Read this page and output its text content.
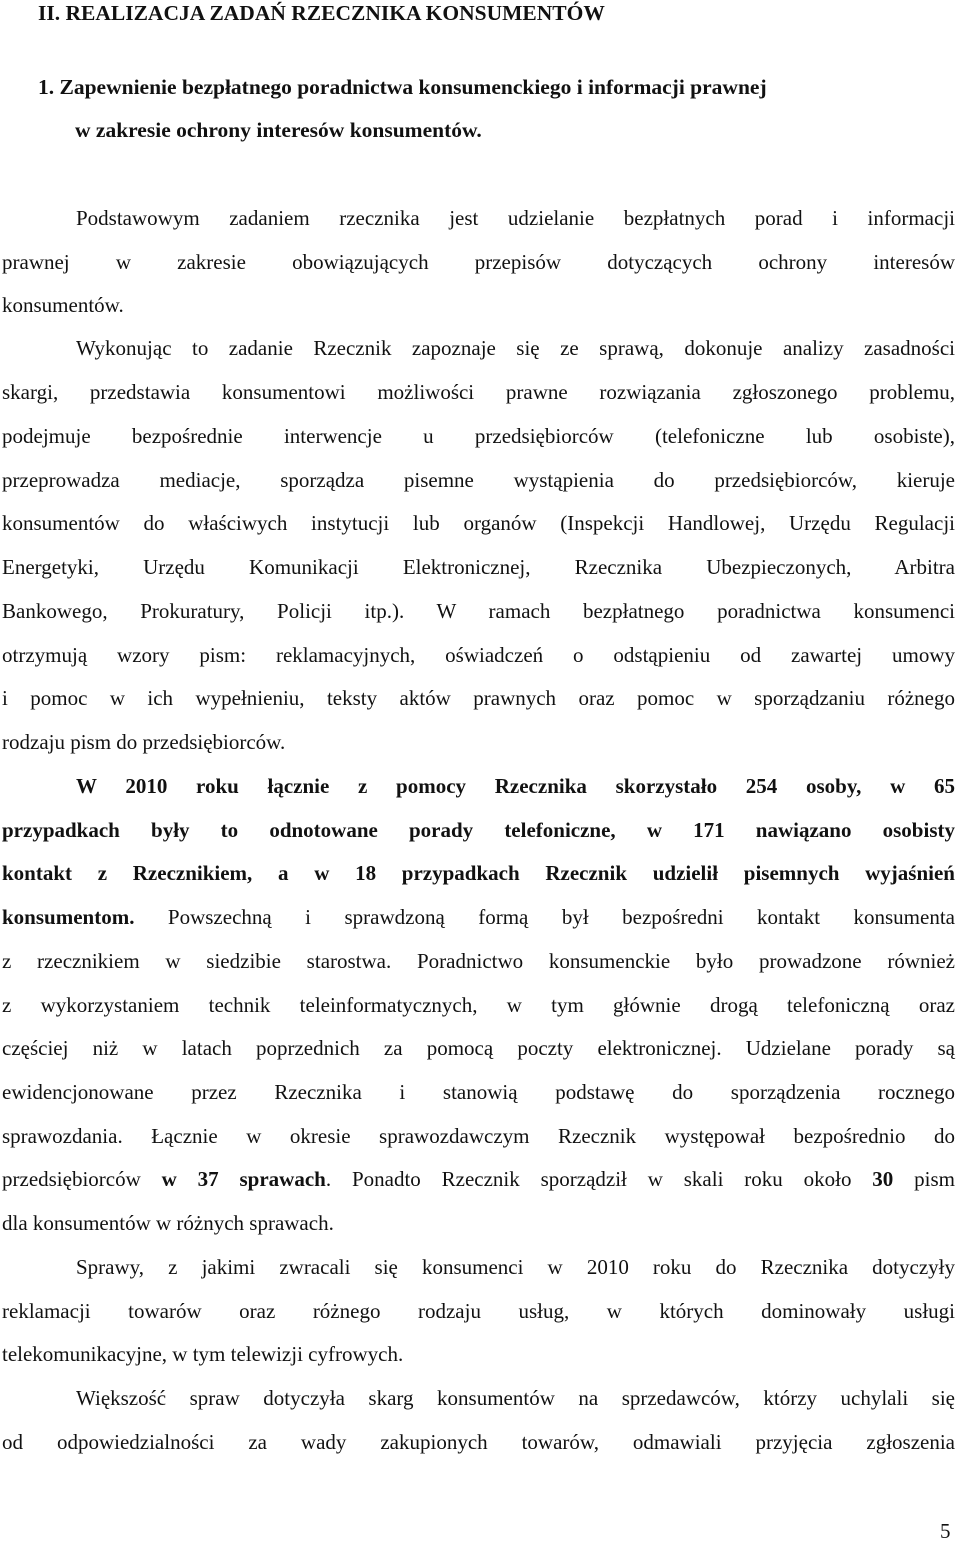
II. REALIZACJA ZADAŃ RZECZNIKA KONSUMENTÓW
1. Zapewnienie bezpłatnego poradnictwa konsumenckiego i informacji prawnej
w zakresie ochrony interesów konsumentów.
Podstawowym zadaniem rzecznika jest udzielanie bezpłatnych porad i informacji
prawnej w zakresie obowiązujących przepisów dotyczących ochrony interesów
konsumentów.
Wykonując to zadanie Rzecznik zapoznaje się ze sprawą, dokonuje analizy zasadności
skargi, przedstawia konsumentowi możliwości prawne rozwiązania zgłoszonego problemu,
podejmuje bezpośrednie interwencje u przedsiębiorców (telefoniczne lub osobiste),
przeprowadza mediacje, sporządza pisemne wystąpienia do przedsiębiorców, kieruje
konsumentów do właściwych instytucji lub organów (Inspekcji Handlowej, Urzędu Regulacji
Energetyki, Urzędu Komunikacji Elektronicznej, Rzecznika Ubezpieczonych, Arbitra
Bankowego, Prokuratury, Policji itp.). W ramach bezpłatnego poradnictwa konsumenci
otrzymują wzory pism: reklamacyjnych, oświadczeń o odstąpieniu od zawartej umowy
i pomoc w ich wypełnieniu, teksty aktów prawnych oraz pomoc w sporządzaniu różnego
rodzaju pism do przedsiębiorców.
W 2010 roku łącznie z pomocy Rzecznika skorzystało 254 osoby, w 65
przypadkach były to odnotowane porady telefoniczne, w 171 nawiązano osobisty
kontakt z Rzecznikiem, a w 18 przypadkach Rzecznik udzielił pisemnych wyjaśnień
konsumentom. Powszechną i sprawdzoną formą był bezpośredni kontakt konsumenta
z rzecznikiem w siedzibie starostwa. Poradnictwo konsumenckie było prowadzone również
z wykorzystaniem technik teleinformatycznych, w tym głównie drogą telefoniczną oraz
częściej niż w latach poprzednich za pomocą poczty elektronicznej. Udzielane porady są
ewidencjonowane przez Rzecznika i stanowią podstawę do sporządzenia rocznego
sprawozdania. Łącznie w okresie sprawozdawczym Rzecznik występował bezpośrednio do
przedsiębiorców w 37 sprawach. Ponadto Rzecznik sporządził w skali roku około 30 pism
dla konsumentów w różnych sprawach.
Sprawy, z jakimi zwracali się konsumenci w 2010 roku do Rzecznika dotyczyły
reklamacji towarów oraz różnego rodzaju usług, w których dominowały usługi
telekomunikacyjne, w tym telewizji cyfrowych.
Większość spraw dotyczyła skarg konsumentów na sprzedawców, którzy uchylali się
od odpowiedzialności za wady zakupionych towarów, odmawiali przyjęcia zgłoszenia
5
